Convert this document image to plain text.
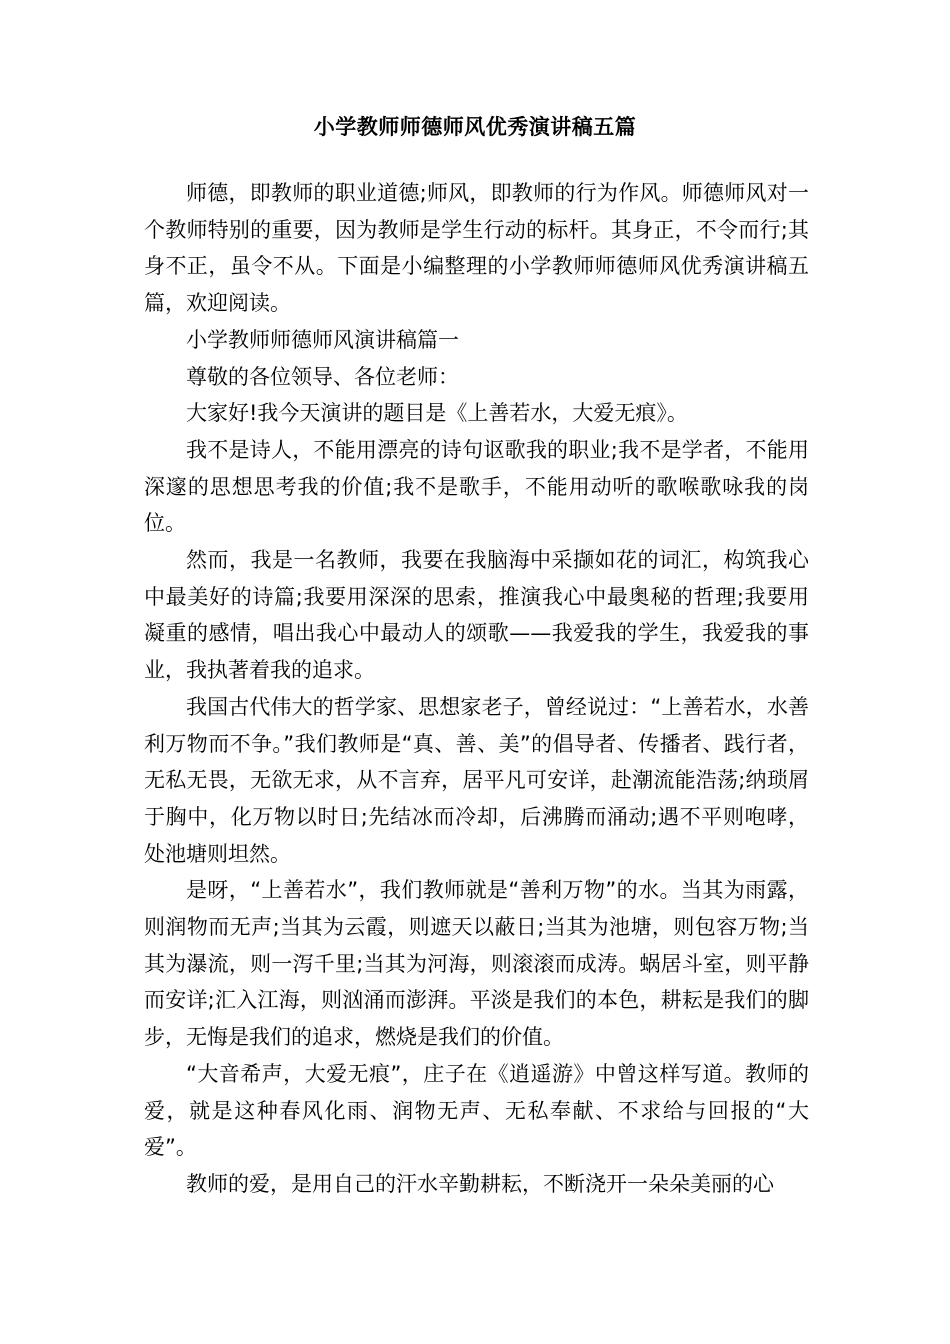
小学教师师德师风优秀演讲稿五篇

师德，即教师的职业道德;师风，即教师的行为作风。师德师风对一个教师特别的重要，因为教师是学生行动的标杆。其身正，不令而行;其身不正，虽令不从。下面是小编整理的小学教师师德师风优秀演讲稿五篇，欢迎阅读。

小学教师师德师风演讲稿篇一

尊敬的各位领导、各位老师：

大家好!我今天演讲的题目是《上善若水，大爱无痕》。

我不是诗人，不能用漂亮的诗句讴歌我的职业;我不是学者，不能用深邃的思想思考我的价值;我不是歌手，不能用动听的歌喉歌咏我的岗位。

然而，我是一名教师，我要在我脑海中采撷如花的词汇，构筑我心中最美好的诗篇;我要用深深的思索，推演我心中最奥秘的哲理;我要用凝重的感情，唱出我心中最动人的颂歌——我爱我的学生，我爱我的事业，我执著着我的追求。

我国古代伟大的哲学家、思想家老子，曾经说过：“上善若水，水善利万物而不争。”我们教师是“真、善、美”的倡导者、传播者、践行者，无私无畏，无欲无求，从不言弃，居平凡可安详，赴潮流能浩荡;纳琐屑于胸中，化万物以时日;先结冰而冷却，后沸腾而涌动;遇不平则咆哮，处池塘则坦然。

是呀，“上善若水”，我们教师就是“善利万物”的水。当其为雨露，则润物而无声;当其为云霞，则遮天以蔽日;当其为池塘，则包容万物;当其为瀑流，则一泻千里;当其为河海，则滚滚而成涛。蜗居斗室，则平静而安详;汇入江海，则汹涌而澎湃。平淡是我们的本色，耕耘是我们的脚步，无悔是我们的追求，燃烧是我们的价值。

“大音希声，大爱无痕”，庄子在《逍遥游》中曾这样写道。教师的爱，就是这种春风化雨、润物无声、无私奉献、不求给与回报的“大爱”。

教师的爱，是用自己的汗水辛勤耕耘，不断浇开一朵朵美丽的心
